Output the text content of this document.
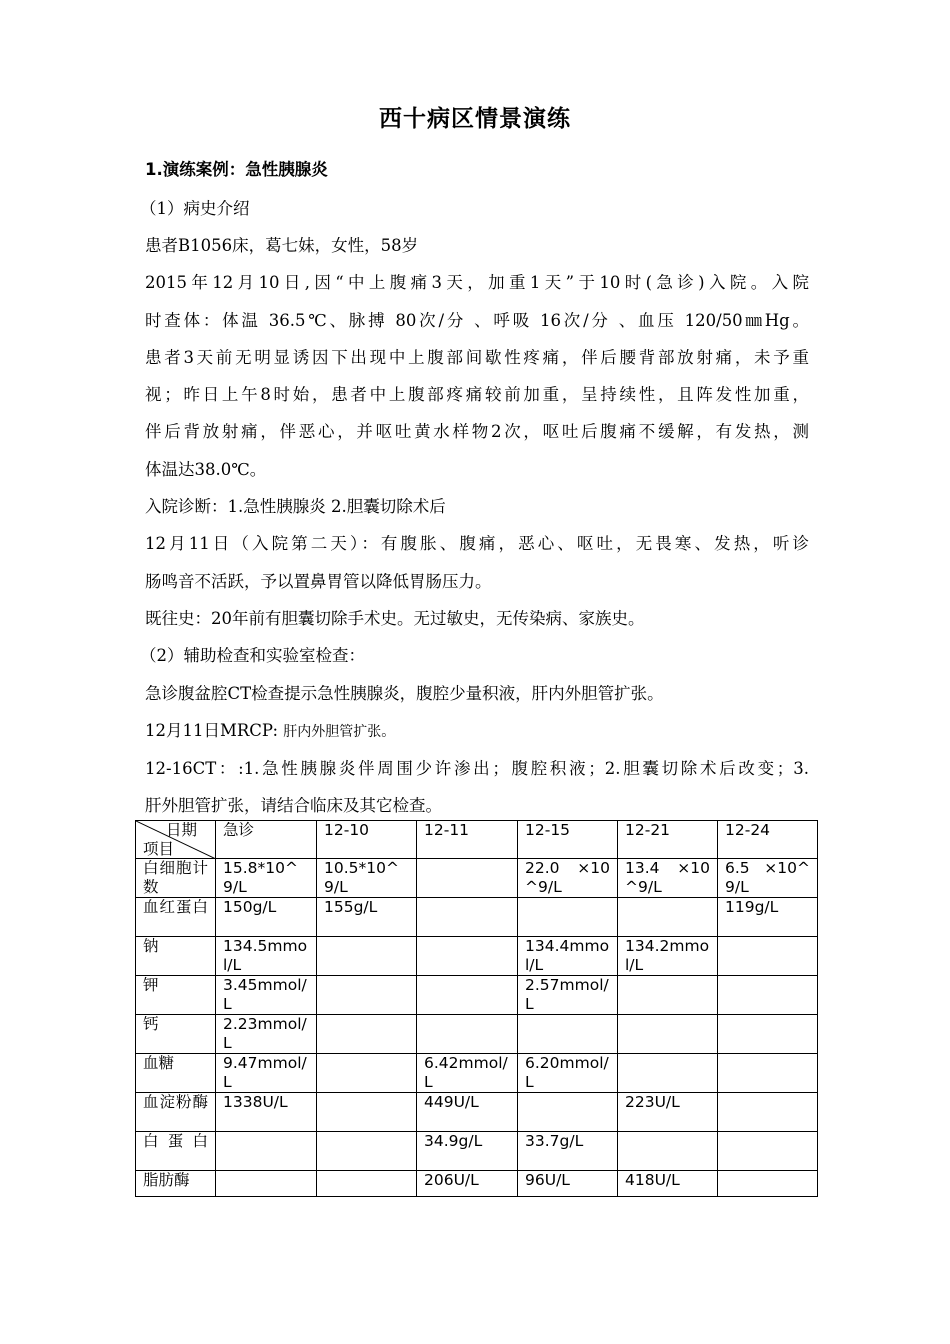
西十病区情景演练
1.演练案例：急性胰腺炎
（1）病史介绍
患者B1056床，葛七妹，女性，58岁
2015年12月10日,因“中上腹痛3天，加重1天”于10时(急诊)入院。入院
时查体：体温 36.5℃、脉搏 80次/分 、呼吸 16次/分 、血压 120/50㎜Hg。
患者3天前无明显诱因下出现中上腹部间歇性疼痛，伴后腰背部放射痛，未予重
视；昨日上午8时始，患者中上腹部疼痛较前加重，呈持续性，且阵发性加重，
伴后背放射痛，伴恶心，并呕吐黄水样物2次，呕吐后腹痛不缓解，有发热，测
体温达38.0℃。
入院诊断：1.急性胰腺炎 2.胆囊切除术后
12月11日（入院第二天）：有腹胀、腹痛，恶心、呕吐，无畏寒、发热，听诊
肠鸣音不活跃，予以置鼻胃管以降低胃肠压力。
既往史：20年前有胆囊切除手术史。无过敏史，无传染病、家族史。
（2）辅助检查和实验室检查：
急诊腹盆腔CT检查提示急性胰腺炎，腹腔少量积液，肝内外胆管扩张。
12月11日MRCP: 肝内外胆管扩张。
12-16CT：:1.急性胰腺炎伴周围少许渗出；腹腔积液；2.胆囊切除术后改变；3.
肝外胆管扩张，请结合临床及其它检查。
日期
项目	急诊	12-10	12-11	12-15	12-21	12-24
白细胞计数	15.8*10^9/L	10.5*10^9/L		22.0 ×10^9/L	13.4 ×10^9/L	6.5 ×10^9/L
血红蛋白	150g/L	155g/L				119g/L
钠	134.5mmol/L			134.4mmol/L	134.2mmol/L	
钾	3.45mmol/L			2.57mmol/L		
钙	2.23mmol/L					
血糖	9.47mmol/L		6.42mmol/L	6.20mmol/L		
血淀粉酶	1338U/L		449U/L		223U/L	
白蛋白			34.9g/L	33.7g/L		
脂肪酶			206U/L	96U/L	418U/L	
